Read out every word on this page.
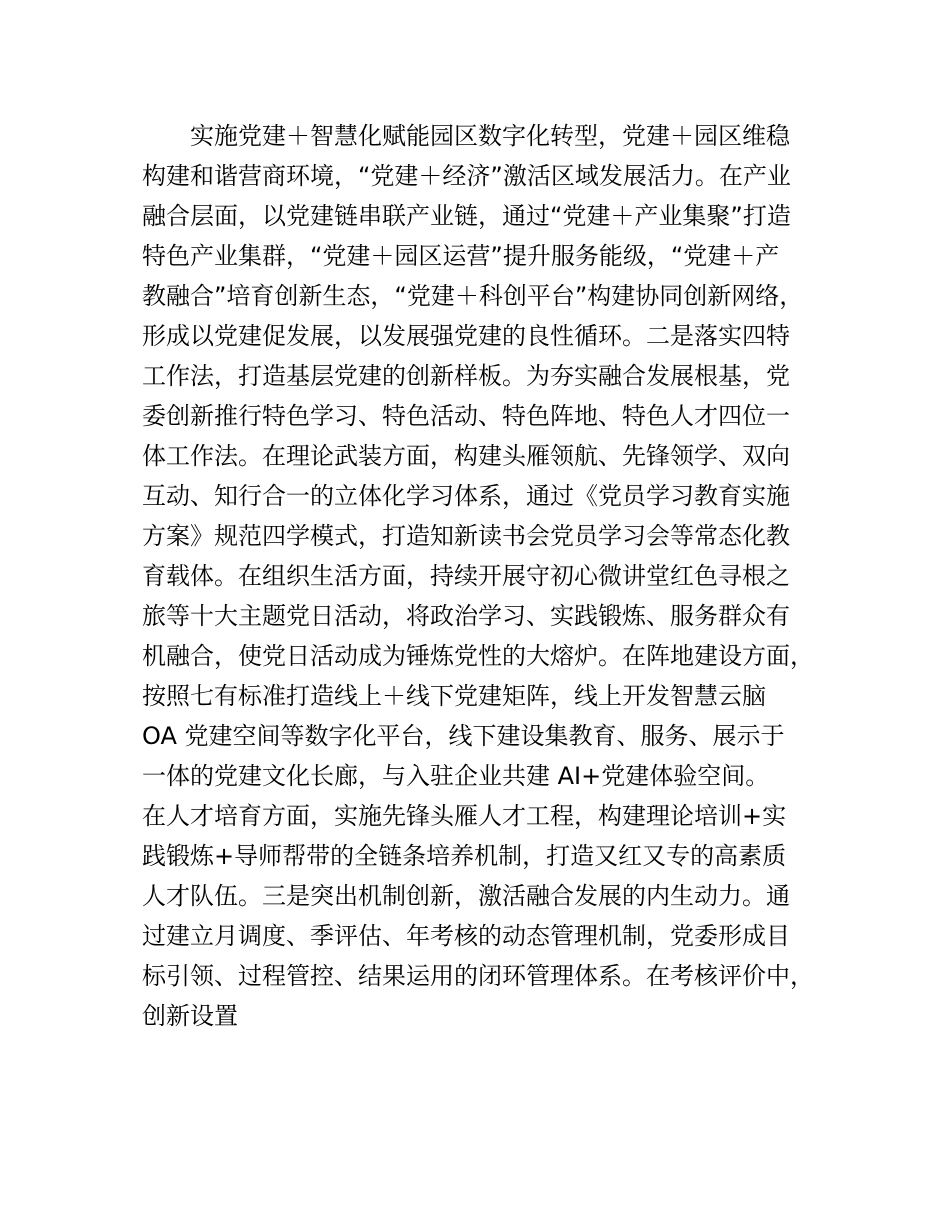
实施党建＋智慧化赋能园区数字化转型，党建＋园区维稳
构建和谐营商环境，“党建＋经济”激活区域发展活力。在产业
融合层面，以党建链串联产业链，通过“党建＋产业集聚”打造
特色产业集群，“党建＋园区运营”提升服务能级，“党建＋产
教融合”培育创新生态，“党建＋科创平台”构建协同创新网络，
形成以党建促发展，以发展强党建的良性循环。二是落实四特
工作法，打造基层党建的创新样板。为夯实融合发展根基，党
委创新推行特色学习、特色活动、特色阵地、特色人才四位一
体工作法。在理论武装方面，构建头雁领航、先锋领学、双向
互动、知行合一的立体化学习体系，通过《党员学习教育实施
方案》规范四学模式，打造知新读书会党员学习会等常态化教
育载体。在组织生活方面，持续开展守初心微讲堂红色寻根之
旅等十大主题党日活动，将政治学习、实践锻炼、服务群众有
机融合，使党日活动成为锤炼党性的大熔炉。在阵地建设方面，
按照七有标准打造线上＋线下党建矩阵，线上开发智慧云脑
OA 党建空间等数字化平台，线下建设集教育、服务、展示于
一体的党建文化长廊，与入驻企业共建 AI+党建体验空间。
在人才培育方面，实施先锋头雁人才工程，构建理论培训+实
践锻炼+导师帮带的全链条培养机制，打造又红又专的高素质
人才队伍。三是突出机制创新，激活融合发展的内生动力。通
过建立月调度、季评估、年考核的动态管理机制，党委形成目
标引领、过程管控、结果运用的闭环管理体系。在考核评价中，
创新设置
